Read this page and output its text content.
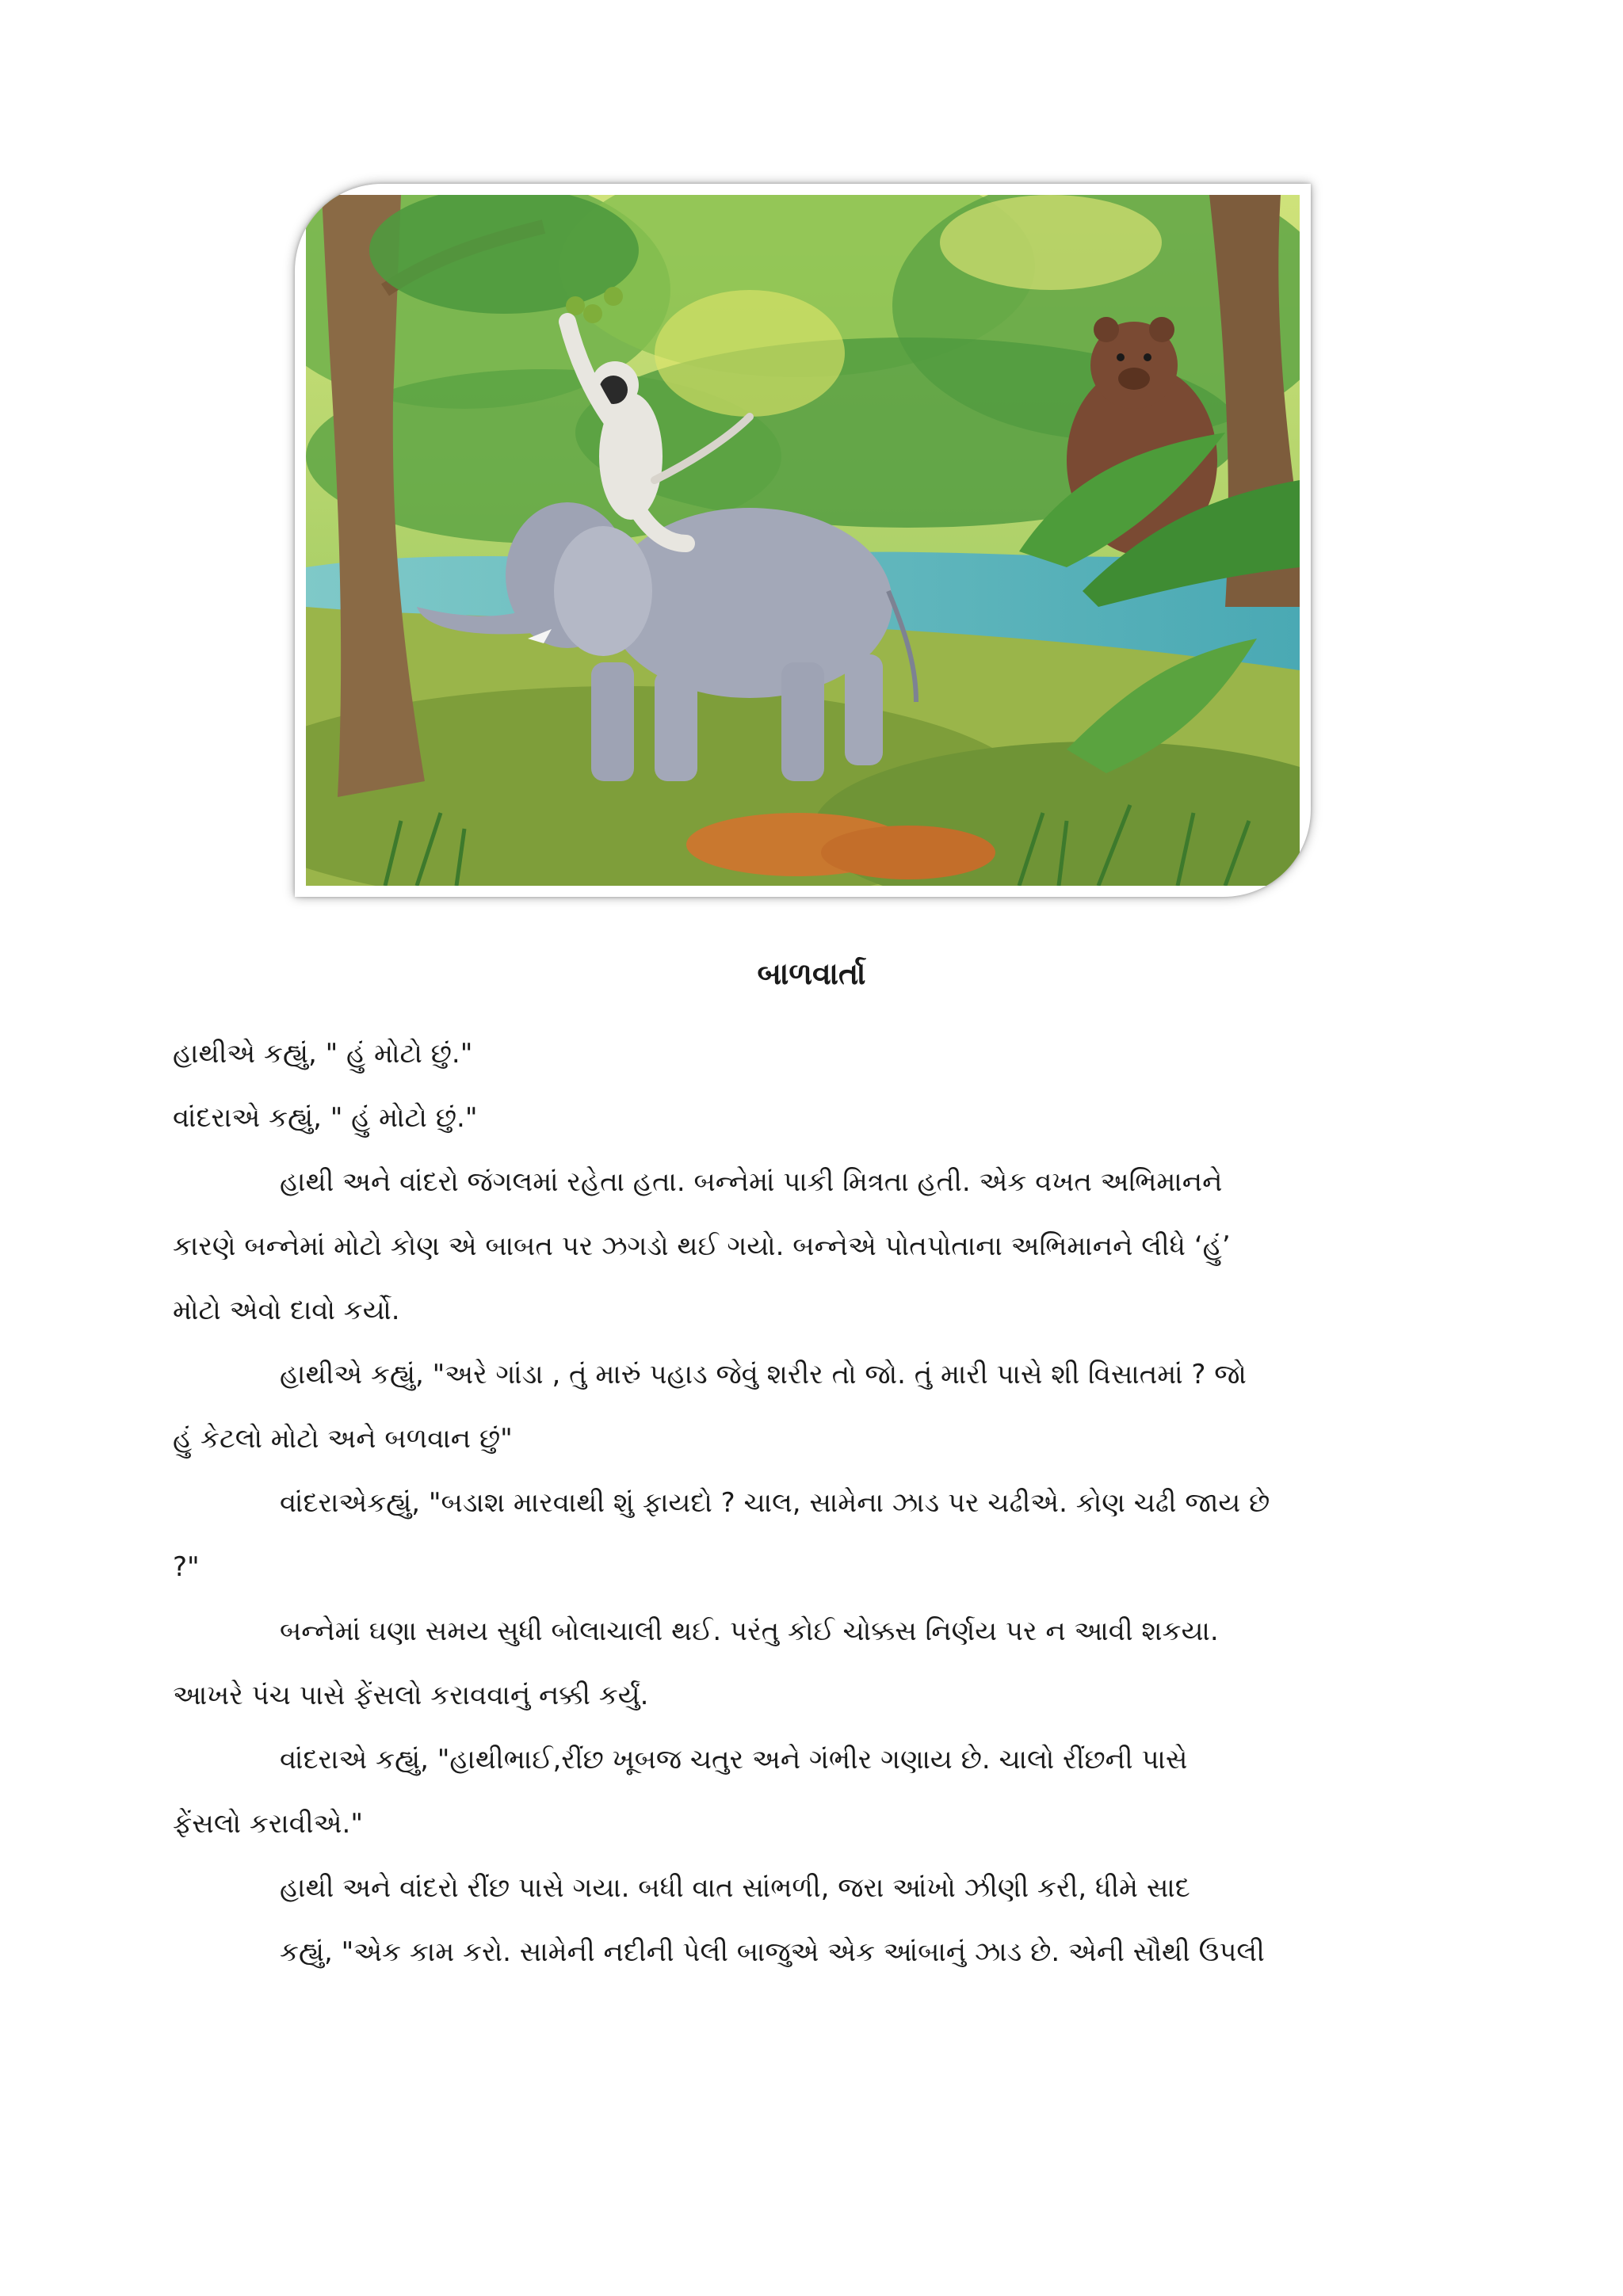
બાળવાર્તા
હાથીએ કહ્યું, " હું મોટો છું."
વાંદરાએ કહ્યું, " હું મોટો છું."
હાથી અને વાંદરો જંગલમાં રહેતા હતા. બન્નેમાં પાકી મિત્રતા હતી. એક વખત અભિમાનને
કારણે બન્નેમાં મોટો કોણ એ બાબત પર ઝગડો થઈ ગયો. બન્નેએ પોતપોતાના અભિમાનને લીધે ‘હું’
મોટો એવો દાવો કર્યો.
હાથીએ કહ્યું, "અરે ગાંડા , તું મારું પહાડ જેવું શરીર તો જો. તું મારી પાસે શી વિસાતમાં ? જો
હું કેટલો મોટો અને બળવાન છું"
વાંદરાએકહ્યું, "બડાશ મારવાથી શું ફાયદો ? ચાલ, સામેના ઝાડ પર ચઢીએ. કોણ ચઢી જાય છે
?"
બન્નેમાં ઘણા સમય સુધી બોલાચાલી થઈ. પરંતુ કોઈ ચોક્કસ નિર્ણય પર ન આવી શકયા.
આખરે પંચ પાસે ફેંસલો કરાવવાનું નક્કી કર્યું.
વાંદરાએ કહ્યું, "હાથીભાઈ,રીંછ ખૂબજ ચતુર અને ગંભીર ગણાય છે. ચાલો રીંછની પાસે
ફેંસલો કરાવીએ."
હાથી અને વાંદરો રીંછ પાસે ગયા. બધી વાત સાંભળી, જરા આંખો ઝીણી કરી, ધીમે સાદ
કહ્યું, "એક કામ કરો. સામેની નદીની પેલી બાજુએ એક આંબાનું ઝાડ છે. એની સૌથી ઉપલી
